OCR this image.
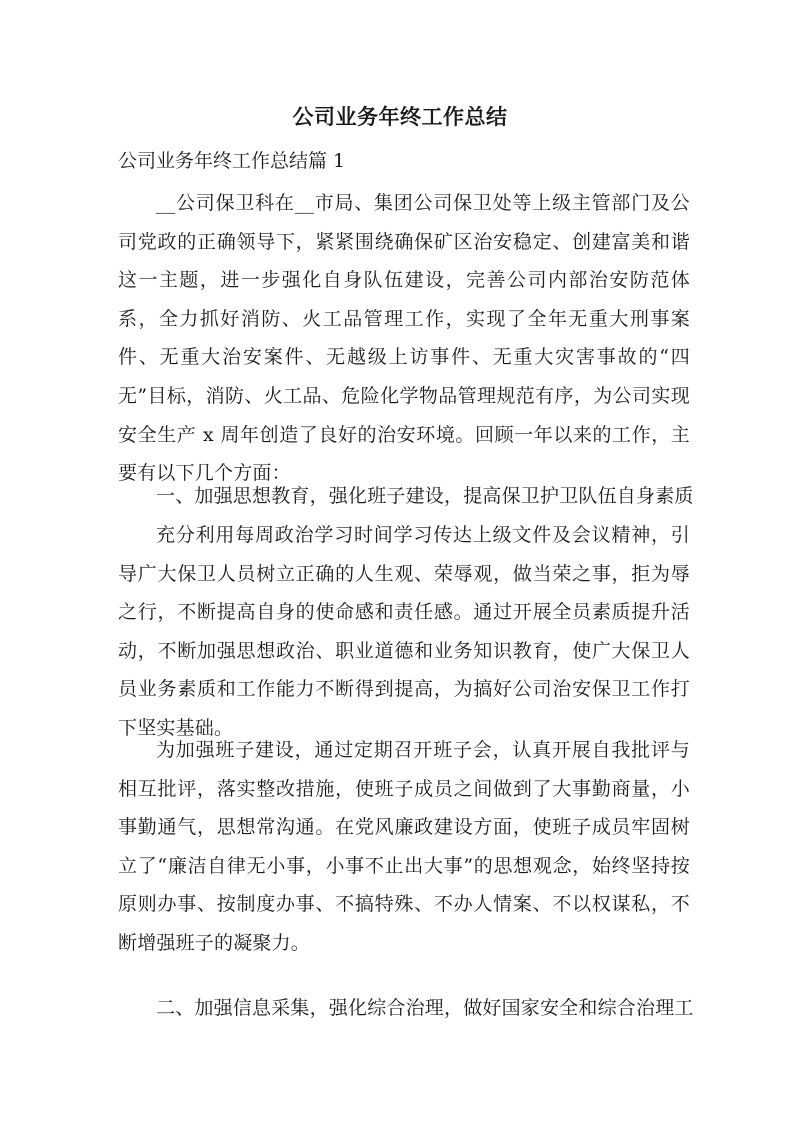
公司业务年终工作总结

公司业务年终工作总结篇 1

__公司保卫科在__市局、集团公司保卫处等上级主管部门及公司党政的正确领导下，紧紧围绕确保矿区治安稳定、创建富美和谐这一主题，进一步强化自身队伍建设，完善公司内部治安防范体系，全力抓好消防、火工品管理工作，实现了全年无重大刑事案件、无重大治安案件、无越级上访事件、无重大灾害事故的“四无”目标，消防、火工品、危险化学物品管理规范有序，为公司实现安全生产 x 周年创造了良好的治安环境。回顾一年以来的工作，主要有以下几个方面：

一、加强思想教育，强化班子建设，提高保卫护卫队伍自身素质

充分利用每周政治学习时间学习传达上级文件及会议精神，引导广大保卫人员树立正确的人生观、荣辱观，做当荣之事，拒为辱之行，不断提高自身的使命感和责任感。通过开展全员素质提升活动，不断加强思想政治、职业道德和业务知识教育，使广大保卫人员业务素质和工作能力不断得到提高，为搞好公司治安保卫工作打下坚实基础。

为加强班子建设，通过定期召开班子会，认真开展自我批评与相互批评，落实整改措施，使班子成员之间做到了大事勤商量，小事勤通气，思想常沟通。在党风廉政建设方面，使班子成员牢固树立了“廉洁自律无小事，小事不止出大事”的思想观念，始终坚持按原则办事、按制度办事、不搞特殊、不办人情案、不以权谋私，不断增强班子的凝聚力。

二、加强信息采集，强化综合治理，做好国家安全和综合治理工
